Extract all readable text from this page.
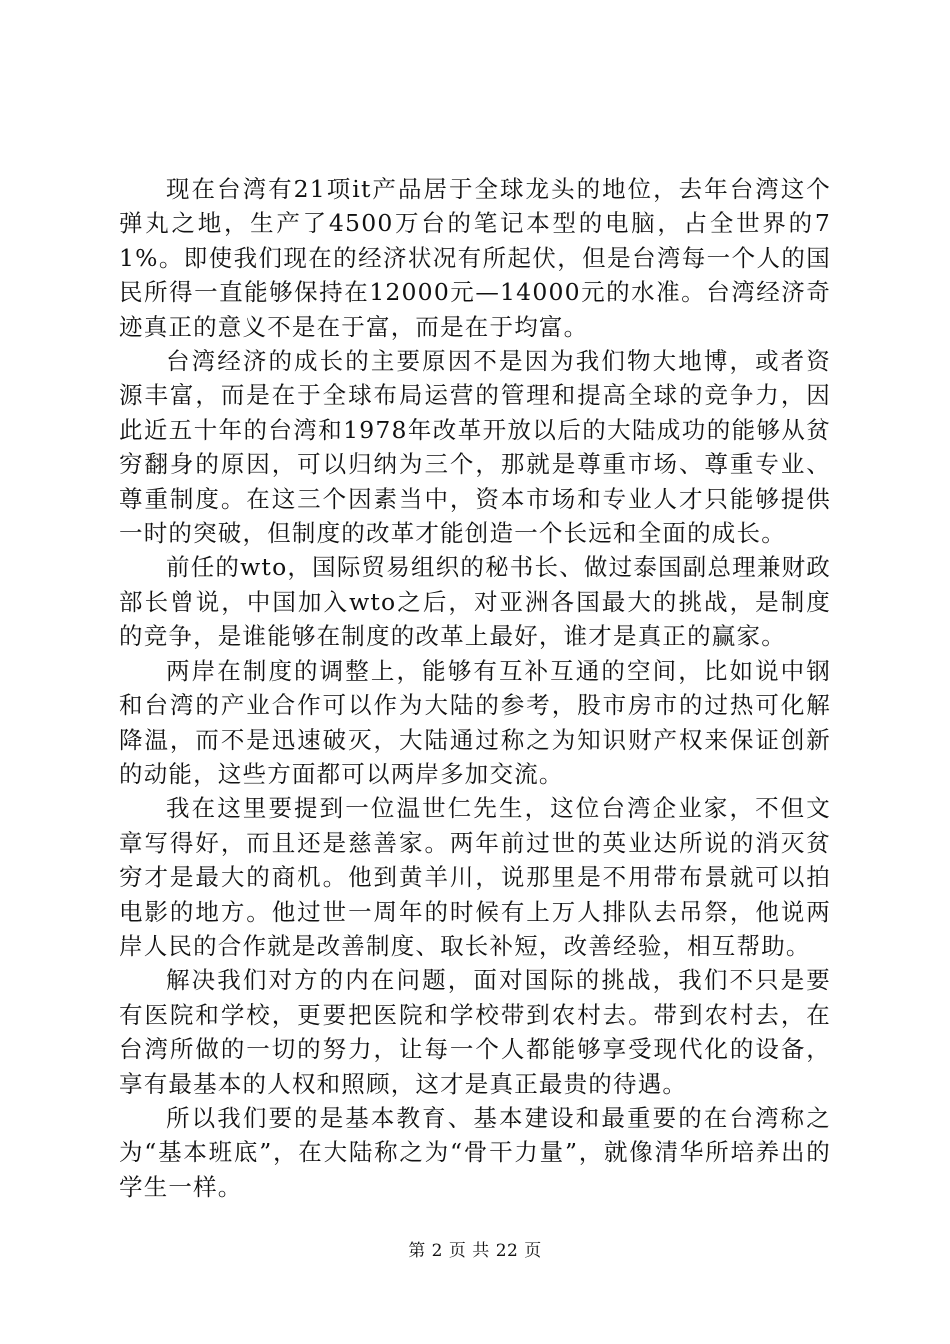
现在台湾有21项it产品居于全球龙头的地位，去年台湾这个弹丸之地，生产了4500万台的笔记本型的电脑，占全世界的71%。即使我们现在的经济状况有所起伏，但是台湾每一个人的国民所得一直能够保持在12000元—14000元的水准。台湾经济奇迹真正的意义不是在于富，而是在于均富。

台湾经济的成长的主要原因不是因为我们物大地博，或者资源丰富，而是在于全球布局运营的管理和提高全球的竞争力，因此近五十年的台湾和1978年改革开放以后的大陆成功的能够从贫穷翻身的原因，可以归纳为三个，那就是尊重市场、尊重专业、尊重制度。在这三个因素当中，资本市场和专业人才只能够提供一时的突破，但制度的改革才能创造一个长远和全面的成长。

前任的wto，国际贸易组织的秘书长、做过泰国副总理兼财政部长曾说，中国加入wto之后，对亚洲各国最大的挑战，是制度的竞争，是谁能够在制度的改革上最好，谁才是真正的赢家。

两岸在制度的调整上，能够有互补互通的空间，比如说中钢和台湾的产业合作可以作为大陆的参考，股市房市的过热可化解降温，而不是迅速破灭，大陆通过称之为知识财产权来保证创新的动能，这些方面都可以两岸多加交流。

我在这里要提到一位温世仁先生，这位台湾企业家，不但文章写得好，而且还是慈善家。两年前过世的英业达所说的消灭贫穷才是最大的商机。他到黄羊川，说那里是不用带布景就可以拍电影的地方。他过世一周年的时候有上万人排队去吊祭，他说两岸人民的合作就是改善制度、取长补短，改善经验，相互帮助。

解决我们对方的内在问题，面对国际的挑战，我们不只是要有医院和学校，更要把医院和学校带到农村去。带到农村去，在台湾所做的一切的努力，让每一个人都能够享受现代化的设备，享有最基本的人权和照顾，这才是真正最贵的待遇。

所以我们要的是基本教育、基本建设和最重要的在台湾称之为“基本班底”，在大陆称之为“骨干力量”，就像清华所培养出的学生一样。

第 2 页 共 22 页
